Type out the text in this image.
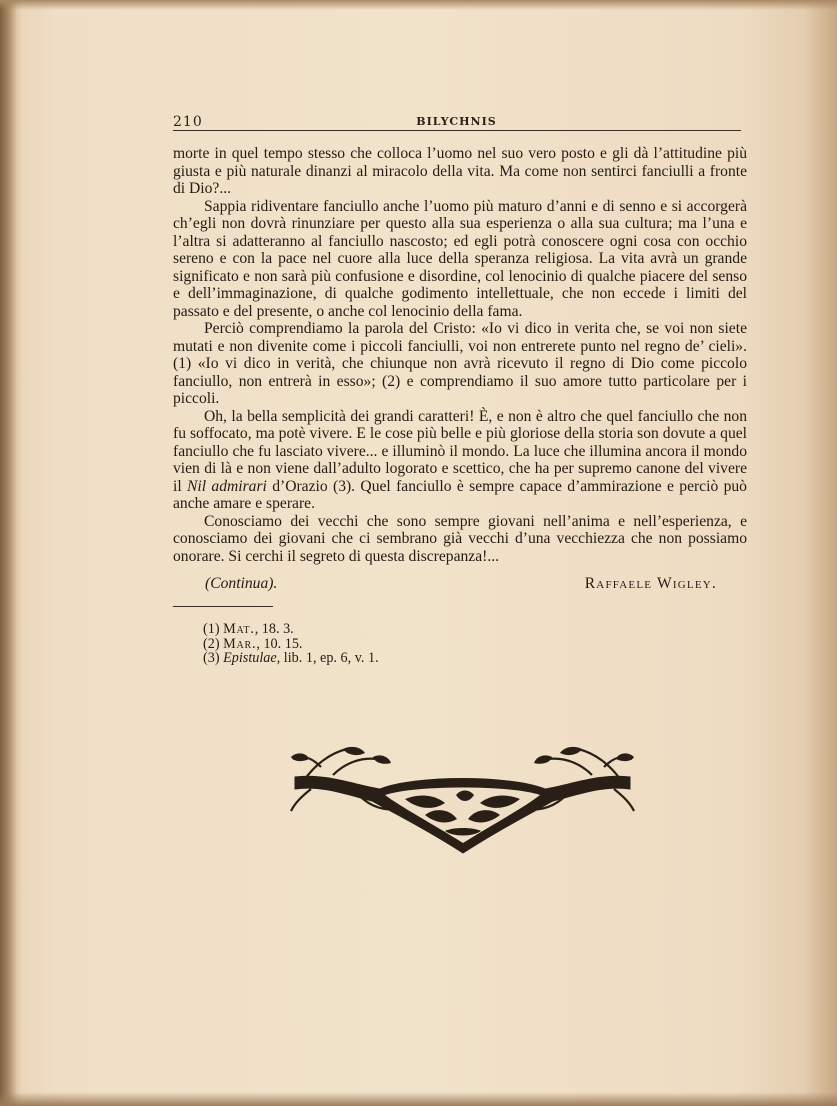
210	BILYCHNIS

morte in quel tempo stesso che colloca l’uomo nel suo vero posto e gli dà l’attitudine più giusta e più naturale dinanzi al miracolo della vita. Ma come non sentirci fanciulli a fronte di Dio?...

Sappia ridiventare fanciullo anche l’uomo più maturo d’anni e di senno e si accorgerà ch’egli non dovrà rinunziare per questo alla sua esperienza o alla sua cultura; ma l’una e l’altra si adatteranno al fanciullo nascosto; ed egli potrà conoscere ogni cosa con occhio sereno e con la pace nel cuore alla luce della speranza religiosa. La vita avrà un grande significato e non sarà più confusione e disordine, col lenocinio di qualche piacere del senso e dell’immaginazione, di qualche godimento intellettuale, che non eccede i limiti del passato e del presente, o anche col lenocinio della fama.

Perciò comprendiamo la parola del Cristo: «Io vi dico in verita che, se voi non siete mutati e non divenite come i piccoli fanciulli, voi non entrerete punto nel regno de’ cieli». (1) «Io vi dico in verità, che chiunque non avrà ricevuto il regno di Dio come piccolo fanciullo, non entrerà in esso»; (2) e comprendiamo il suo amore tutto particolare per i piccoli.

Oh, la bella semplicità dei grandi caratteri! È, e non è altro che quel fanciullo che non fu soffocato, ma potè vivere. E le cose più belle e più gloriose della storia son dovute a quel fanciullo che fu lasciato vivere... e illuminò il mondo. La luce che illumina ancora il mondo vien di là e non viene dall’adulto logorato e scettico, che ha per supremo canone del vivere il Nil admirari d’Orazio (3). Quel fanciullo è sempre capace d’ammirazione e perciò può anche amare e sperare.

Conosciamo dei vecchi che sono sempre giovani nell’anima e nell’esperienza, e conosciamo dei giovani che ci sembrano già vecchi d’una vecchiezza che non possiamo onorare. Si cerchi il segreto di questa discrepanza!...

(Continua).	Raffaele Wigley.
(1) Mat., 18. 3.
(2) Mar., 10. 15.
(3) Epistulae, lib. 1, ep. 6, v. 1.
